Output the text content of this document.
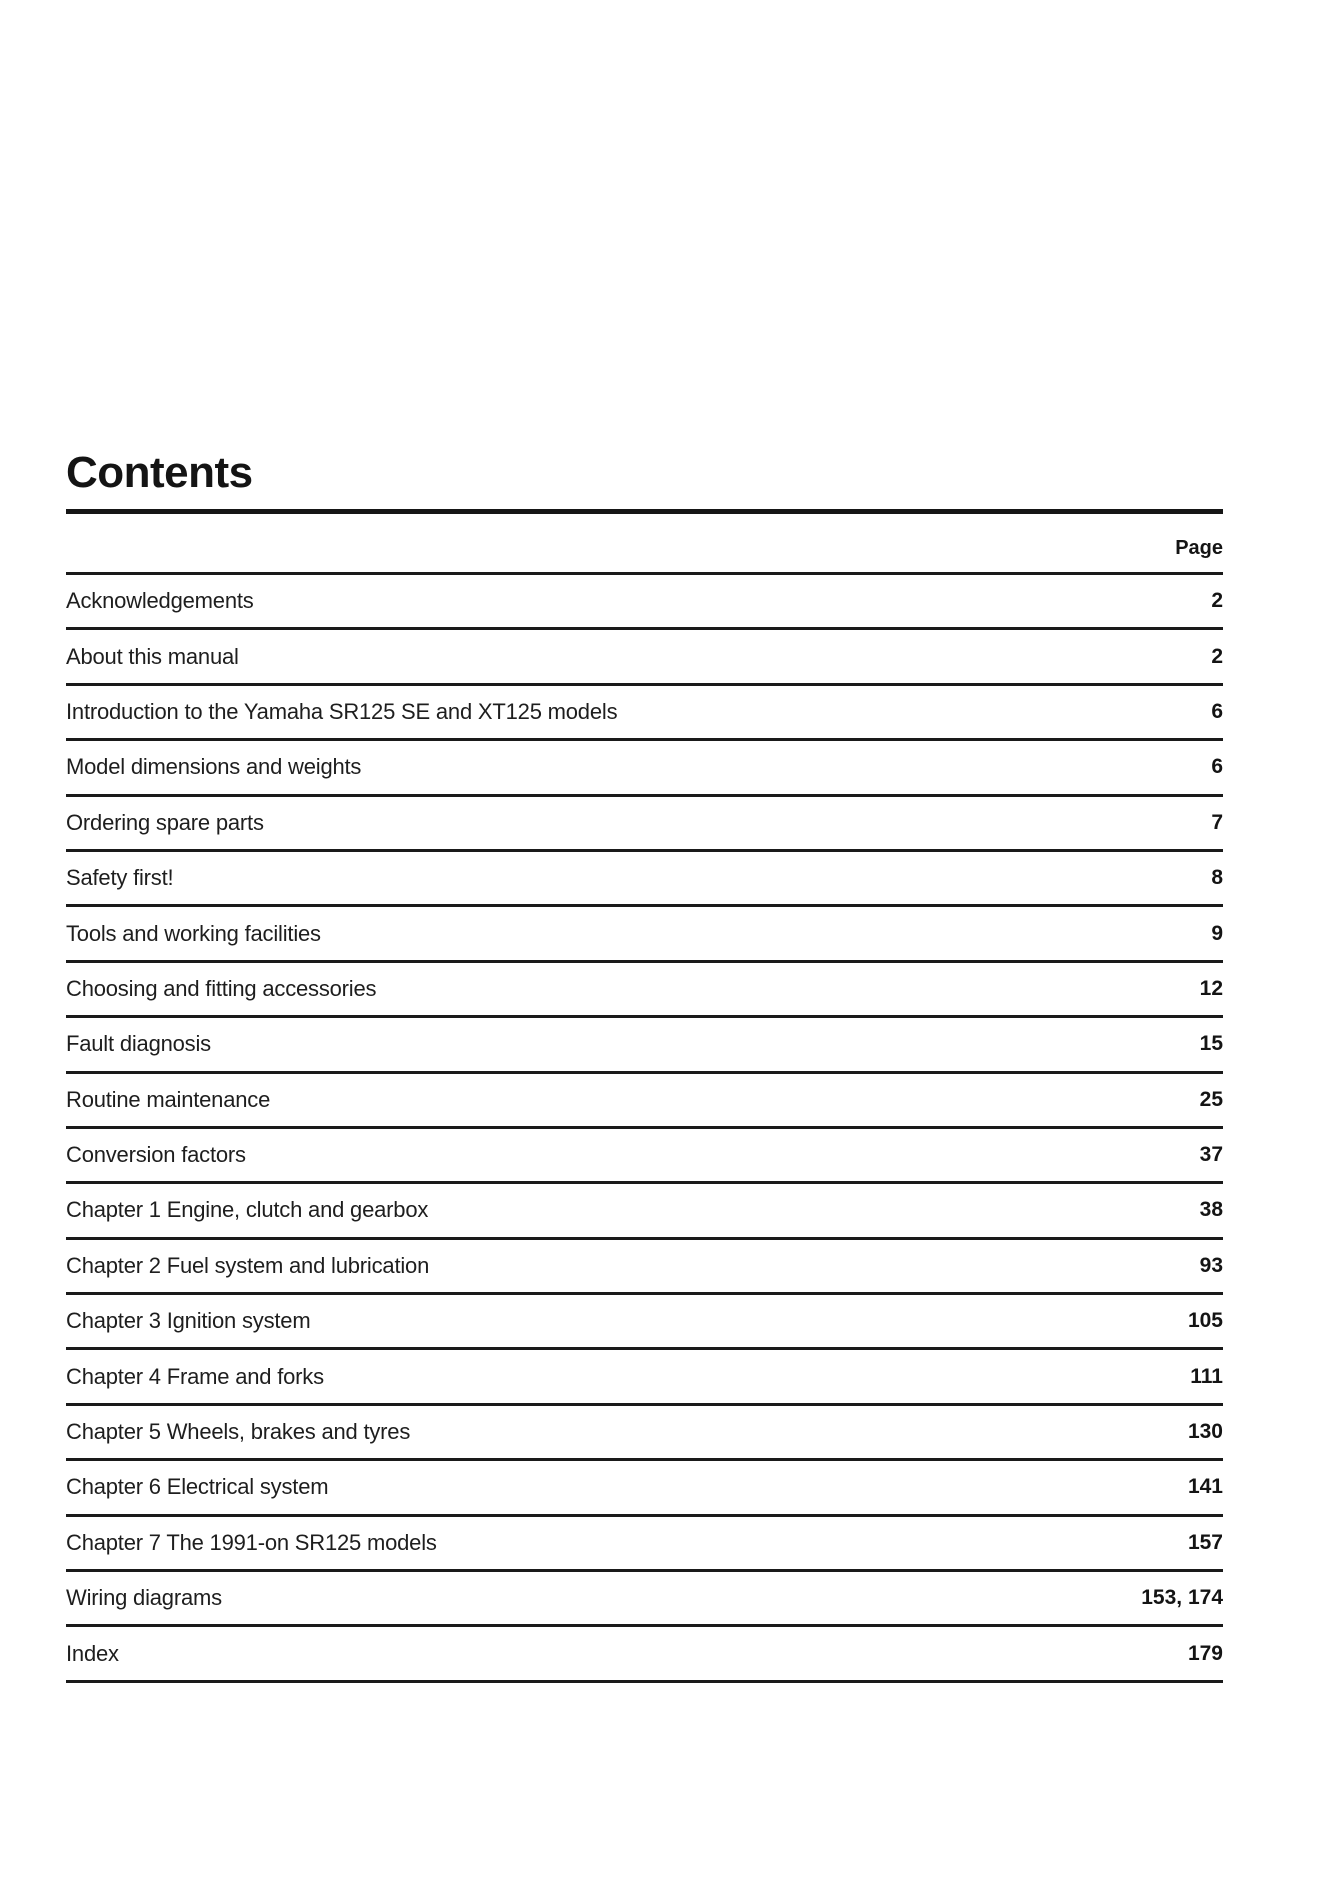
Contents
Page
Acknowledgements	2
About this manual	2
Introduction to the Yamaha SR125 SE and XT125 models	6
Model dimensions and weights	6
Ordering spare parts	7
Safety first!	8
Tools and working facilities	9
Choosing and fitting accessories	12
Fault diagnosis	15
Routine maintenance	25
Conversion factors	37
Chapter 1 Engine, clutch and gearbox	38
Chapter 2 Fuel system and lubrication	93
Chapter 3 Ignition system	105
Chapter 4 Frame and forks	111
Chapter 5 Wheels, brakes and tyres	130
Chapter 6 Electrical system	141
Chapter 7 The 1991-on SR125 models	157
Wiring diagrams	153, 174
Index	179
